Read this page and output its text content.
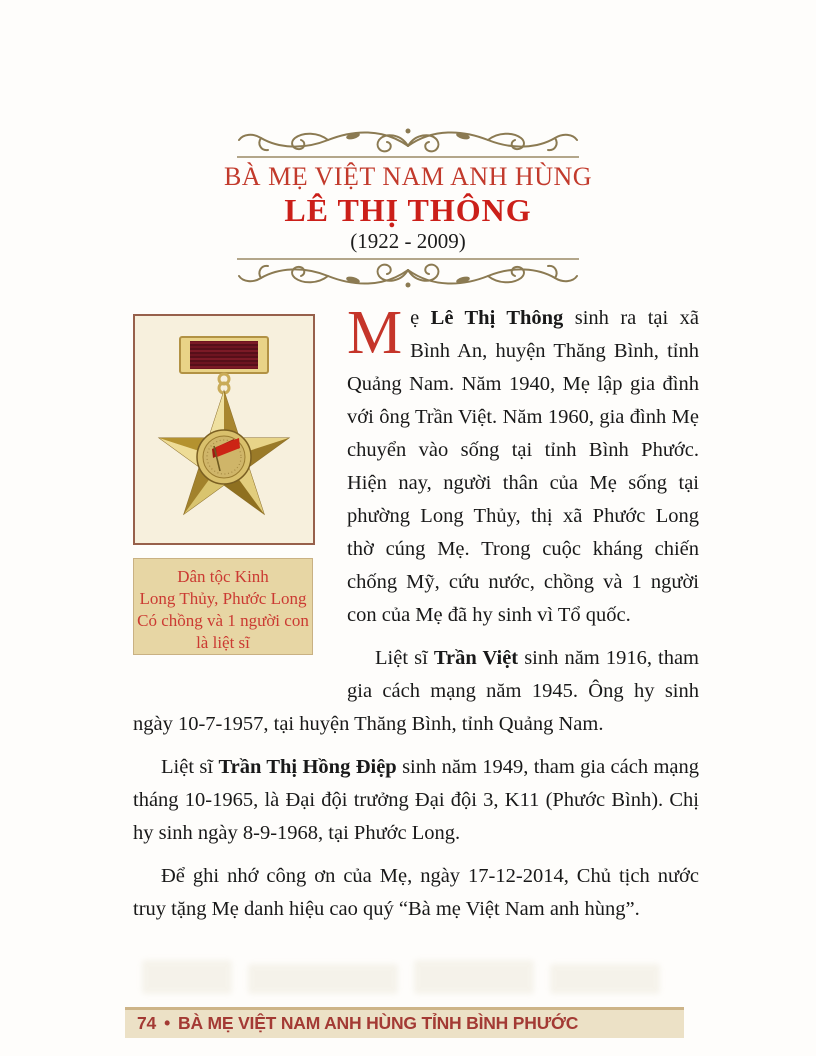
BÀ MẸ VIỆT NAM ANH HÙNG
LÊ THỊ THÔNG
(1922 - 2009)
Dân tộc Kinh
Long Thủy, Phước Long
Có chồng và 1 người con
là liệt sĩ

Mẹ Lê Thị Thông sinh ra tại xã Bình An, huyện Thăng Bình, tỉnh Quảng Nam. Năm 1940, Mẹ lập gia đình với ông Trần Việt. Năm 1960, gia đình Mẹ chuyển vào sống tại tỉnh Bình Phước. Hiện nay, người thân của Mẹ sống tại phường Long Thủy, thị xã Phước Long thờ cúng Mẹ. Trong cuộc kháng chiến chống Mỹ, cứu nước, chồng và 1 người con của Mẹ đã hy sinh vì Tổ quốc.

Liệt sĩ Trần Việt sinh năm 1916, tham gia cách mạng năm 1945. Ông hy sinh ngày 10-7-1957, tại huyện Thăng Bình, tỉnh Quảng Nam.

Liệt sĩ Trần Thị Hồng Điệp sinh năm 1949, tham gia cách mạng tháng 10-1965, là Đại đội trưởng Đại đội 3, K11 (Phước Bình). Chị hy sinh ngày 8-9-1968, tại Phước Long.

Để ghi nhớ công ơn của Mẹ, ngày 17-12-2014, Chủ tịch nước truy tặng Mẹ danh hiệu cao quý “Bà mẹ Việt Nam anh hùng”.

74 • BÀ MẸ VIỆT NAM ANH HÙNG TỈNH BÌNH PHƯỚC
